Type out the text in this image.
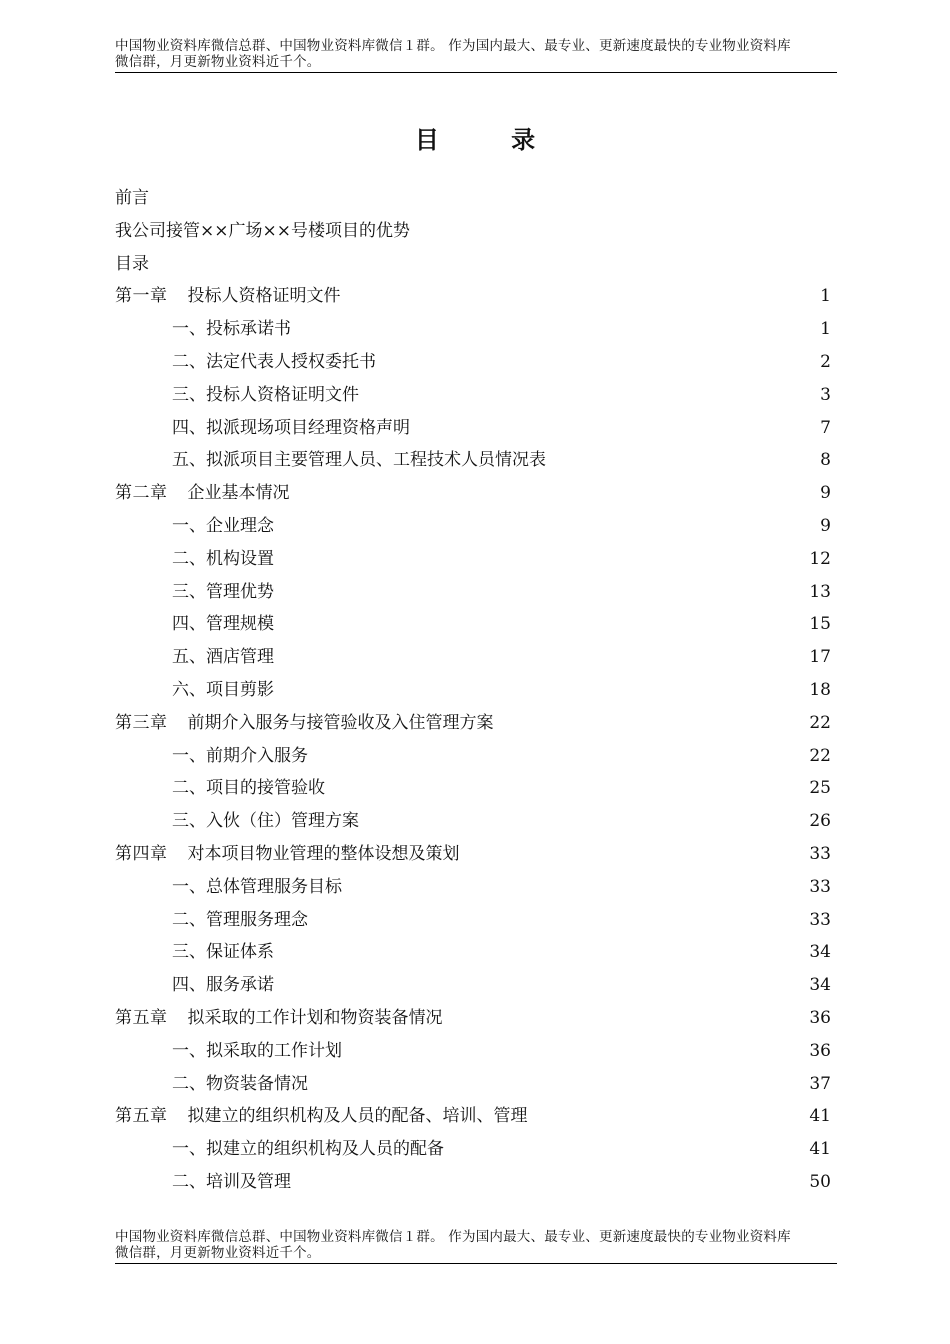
中国物业资料库微信总群、中国物业资料库微信１群。 作为国内最大、最专业、更新速度最快的专业物业资料库
微信群，月更新物业资料近千个。
目 录
前言
我公司接管××广场××号楼项目的优势
目录
第一章 投标人资格证明文件	1
一、投标承诺书	1
二、法定代表人授权委托书	2
三、投标人资格证明文件	3
四、拟派现场项目经理资格声明	7
五、拟派项目主要管理人员、工程技术人员情况表	8
第二章 企业基本情况	9
一、企业理念	9
二、机构设置	12
三、管理优势	13
四、管理规模	15
五、酒店管理	17
六、项目剪影	18
第三章 前期介入服务与接管验收及入住管理方案	22
一、前期介入服务	22
二、项目的接管验收	25
三、入伙（住）管理方案	26
第四章 对本项目物业管理的整体设想及策划	33
一、总体管理服务目标	33
二、管理服务理念	33
三、保证体系	34
四、服务承诺	34
第五章 拟采取的工作计划和物资装备情况	36
一、拟采取的工作计划	36
二、物资装备情况	37
第五章 拟建立的组织机构及人员的配备、培训、管理	41
一、拟建立的组织机构及人员的配备	41
二、培训及管理	50
中国物业资料库微信总群、中国物业资料库微信１群。 作为国内最大、最专业、更新速度最快的专业物业资料库
微信群，月更新物业资料近千个。
